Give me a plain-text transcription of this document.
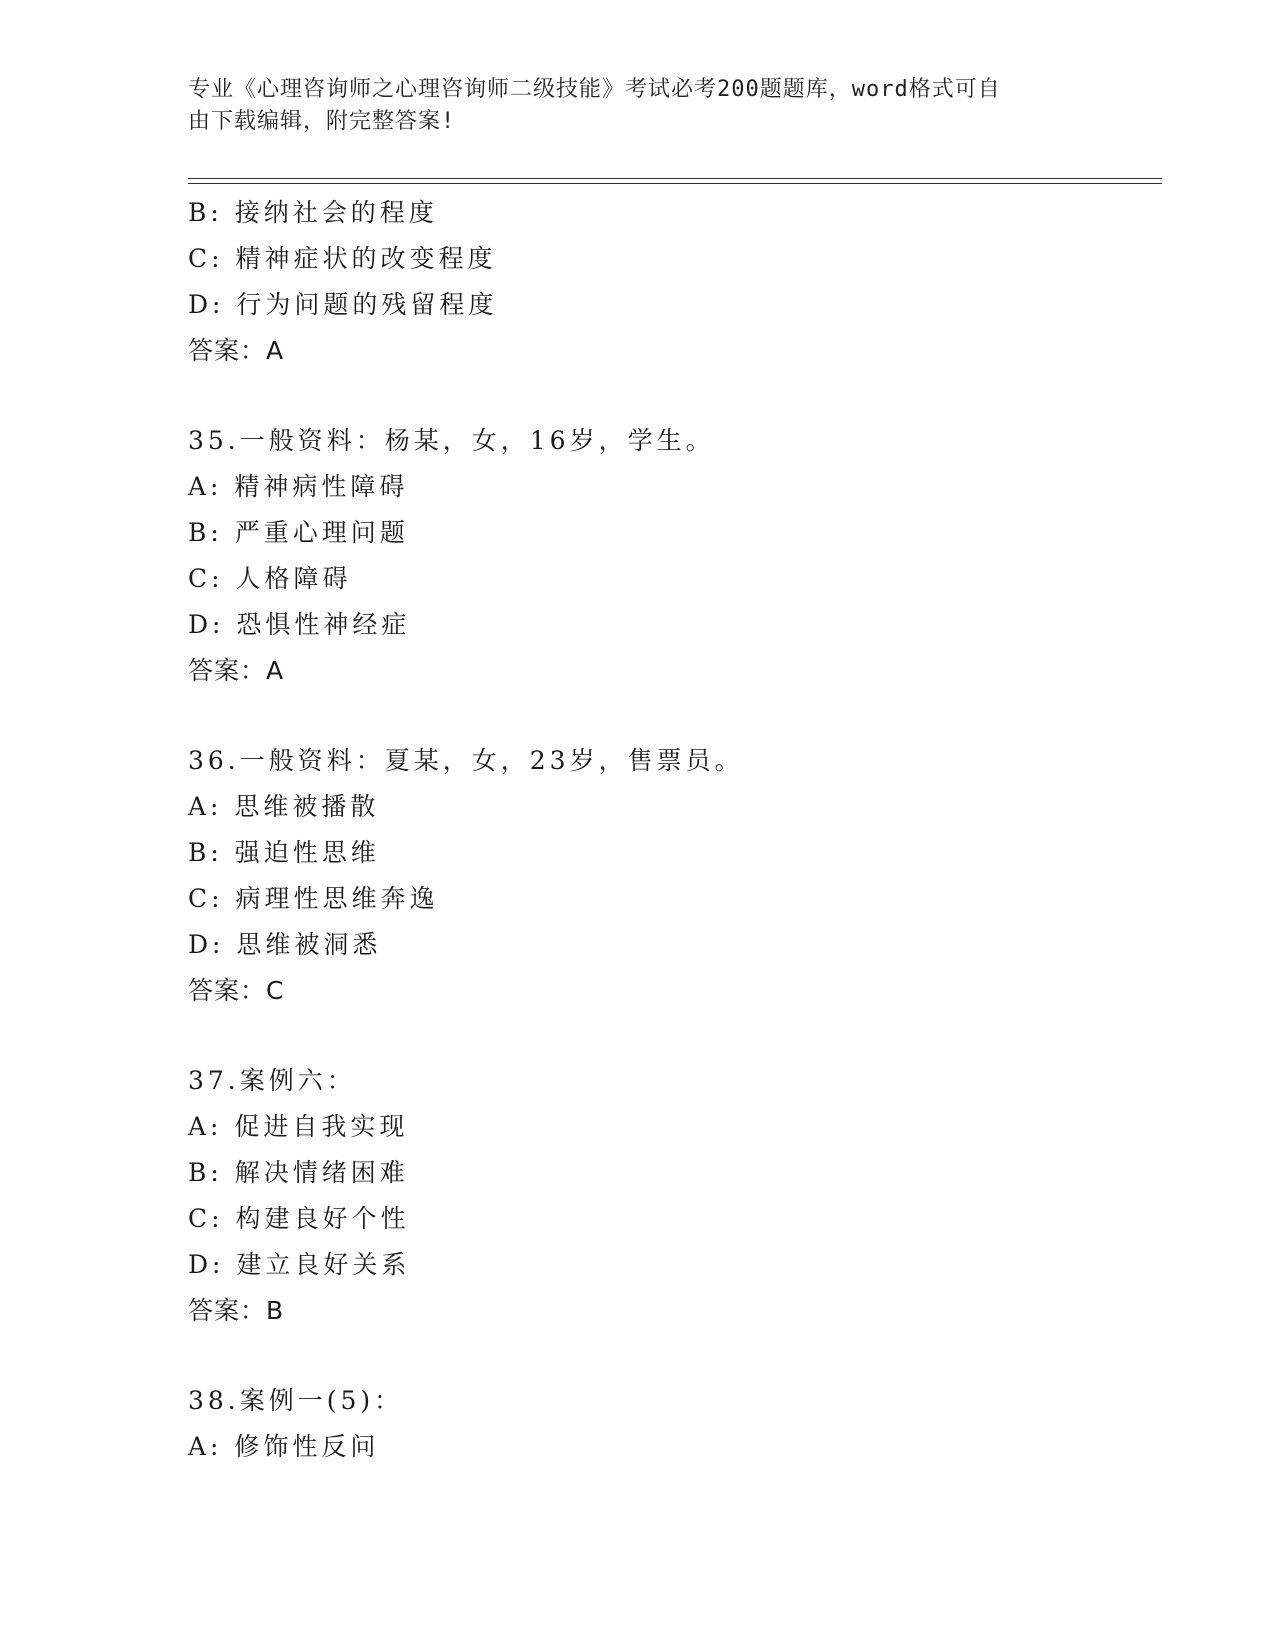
专业《心理咨询师之心理咨询师二级技能》考试必考200题题库，word格式可自
由下载编辑，附完整答案!
B: 接纳社会的程度
C: 精神症状的改变程度
D: 行为问题的残留程度
答案：A
35.一般资料：杨某，女，16岁，学生。
A: 精神病性障碍
B: 严重心理问题
C: 人格障碍
D: 恐惧性神经症
答案：A
36.一般资料：夏某，女，23岁，售票员。
A: 思维被播散
B: 强迫性思维
C: 病理性思维奔逸
D: 思维被洞悉
答案：C
37.案例六：
A: 促进自我实现
B: 解决情绪困难
C: 构建良好个性
D: 建立良好关系
答案：B
38.案例一(5)：
A: 修饰性反问
